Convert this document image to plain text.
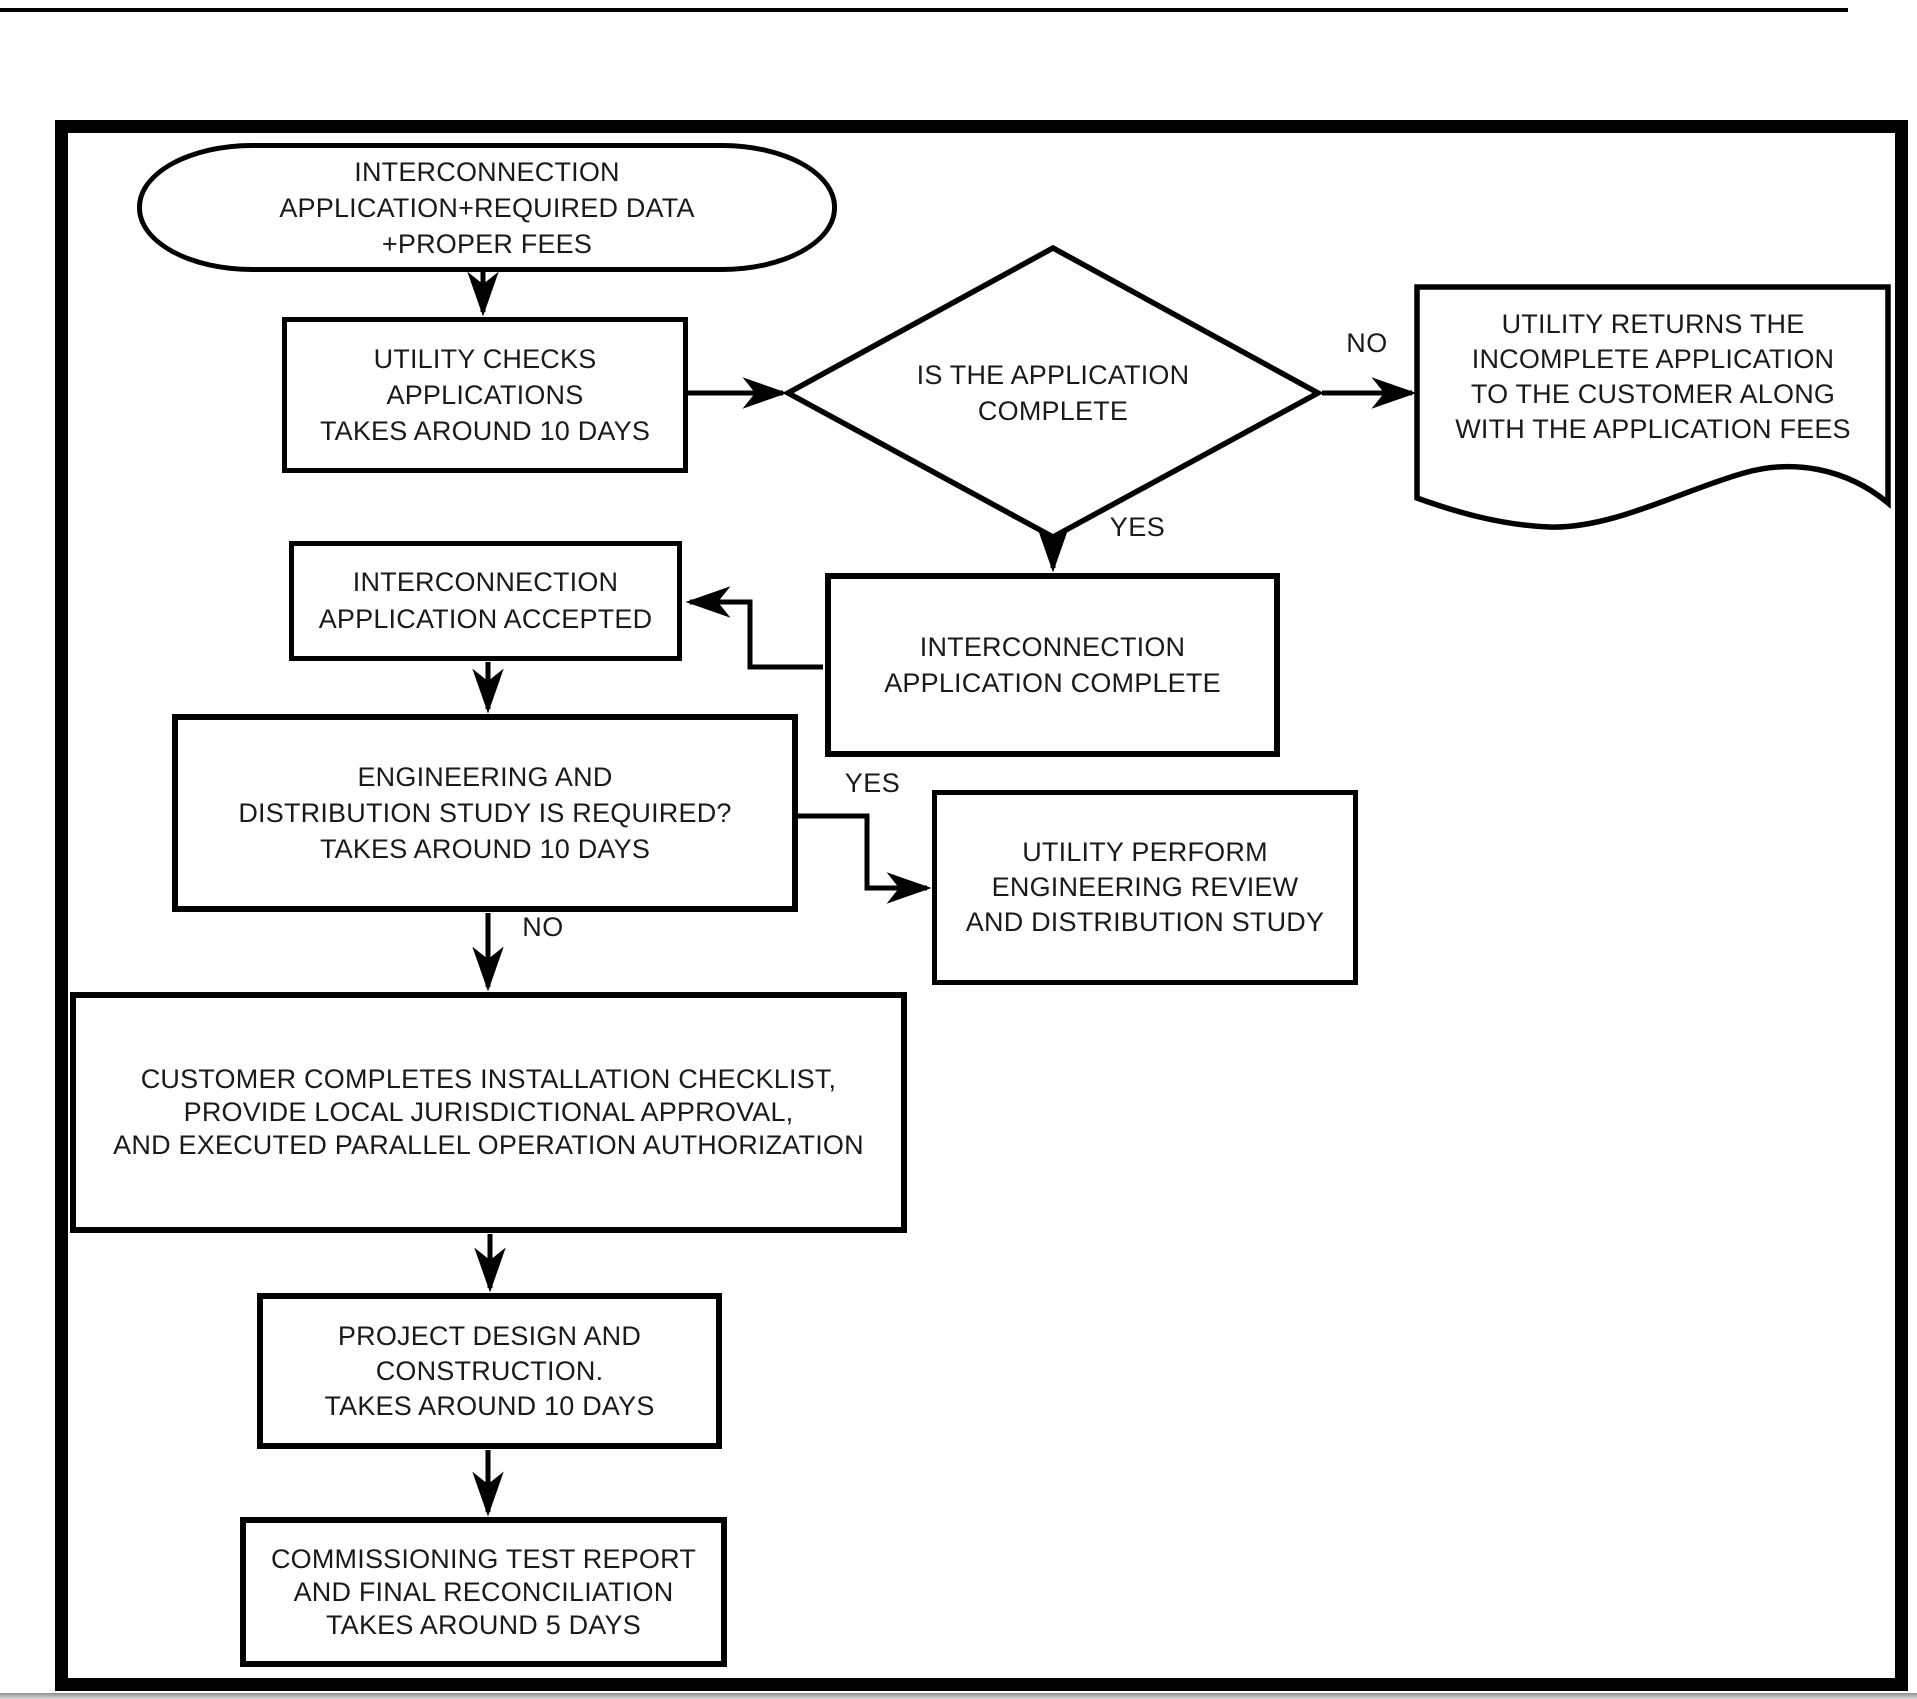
INTERCONNECTION
APPLICATION+REQUIRED DATA
+PROPER FEES
UTILITY CHECKS
APPLICATIONS
TAKES AROUND 10 DAYS
IS THE APPLICATION
COMPLETE
UTILITY RETURNS THE
INCOMPLETE APPLICATION
TO THE CUSTOMER ALONG
WITH THE APPLICATION FEES
INTERCONNECTION
APPLICATION ACCEPTED
INTERCONNECTION
APPLICATION COMPLETE
ENGINEERING AND
DISTRIBUTION STUDY IS REQUIRED?
TAKES AROUND 10 DAYS	UTILITY PERFORM
ENGINEERING REVIEW
AND DISTRIBUTION STUDY
CUSTOMER COMPLETES INSTALLATION CHECKLIST,
PROVIDE LOCAL JURISDICTIONAL APPROVAL,
AND EXECUTED PARALLEL OPERATION AUTHORIZATION
PROJECT DESIGN AND
CONSTRUCTION.
TAKES AROUND 10 DAYS
COMMISSIONING TEST REPORT
AND FINAL RECONCILIATION
TAKES AROUND 5 DAYS
NO
YES
YES
NO
